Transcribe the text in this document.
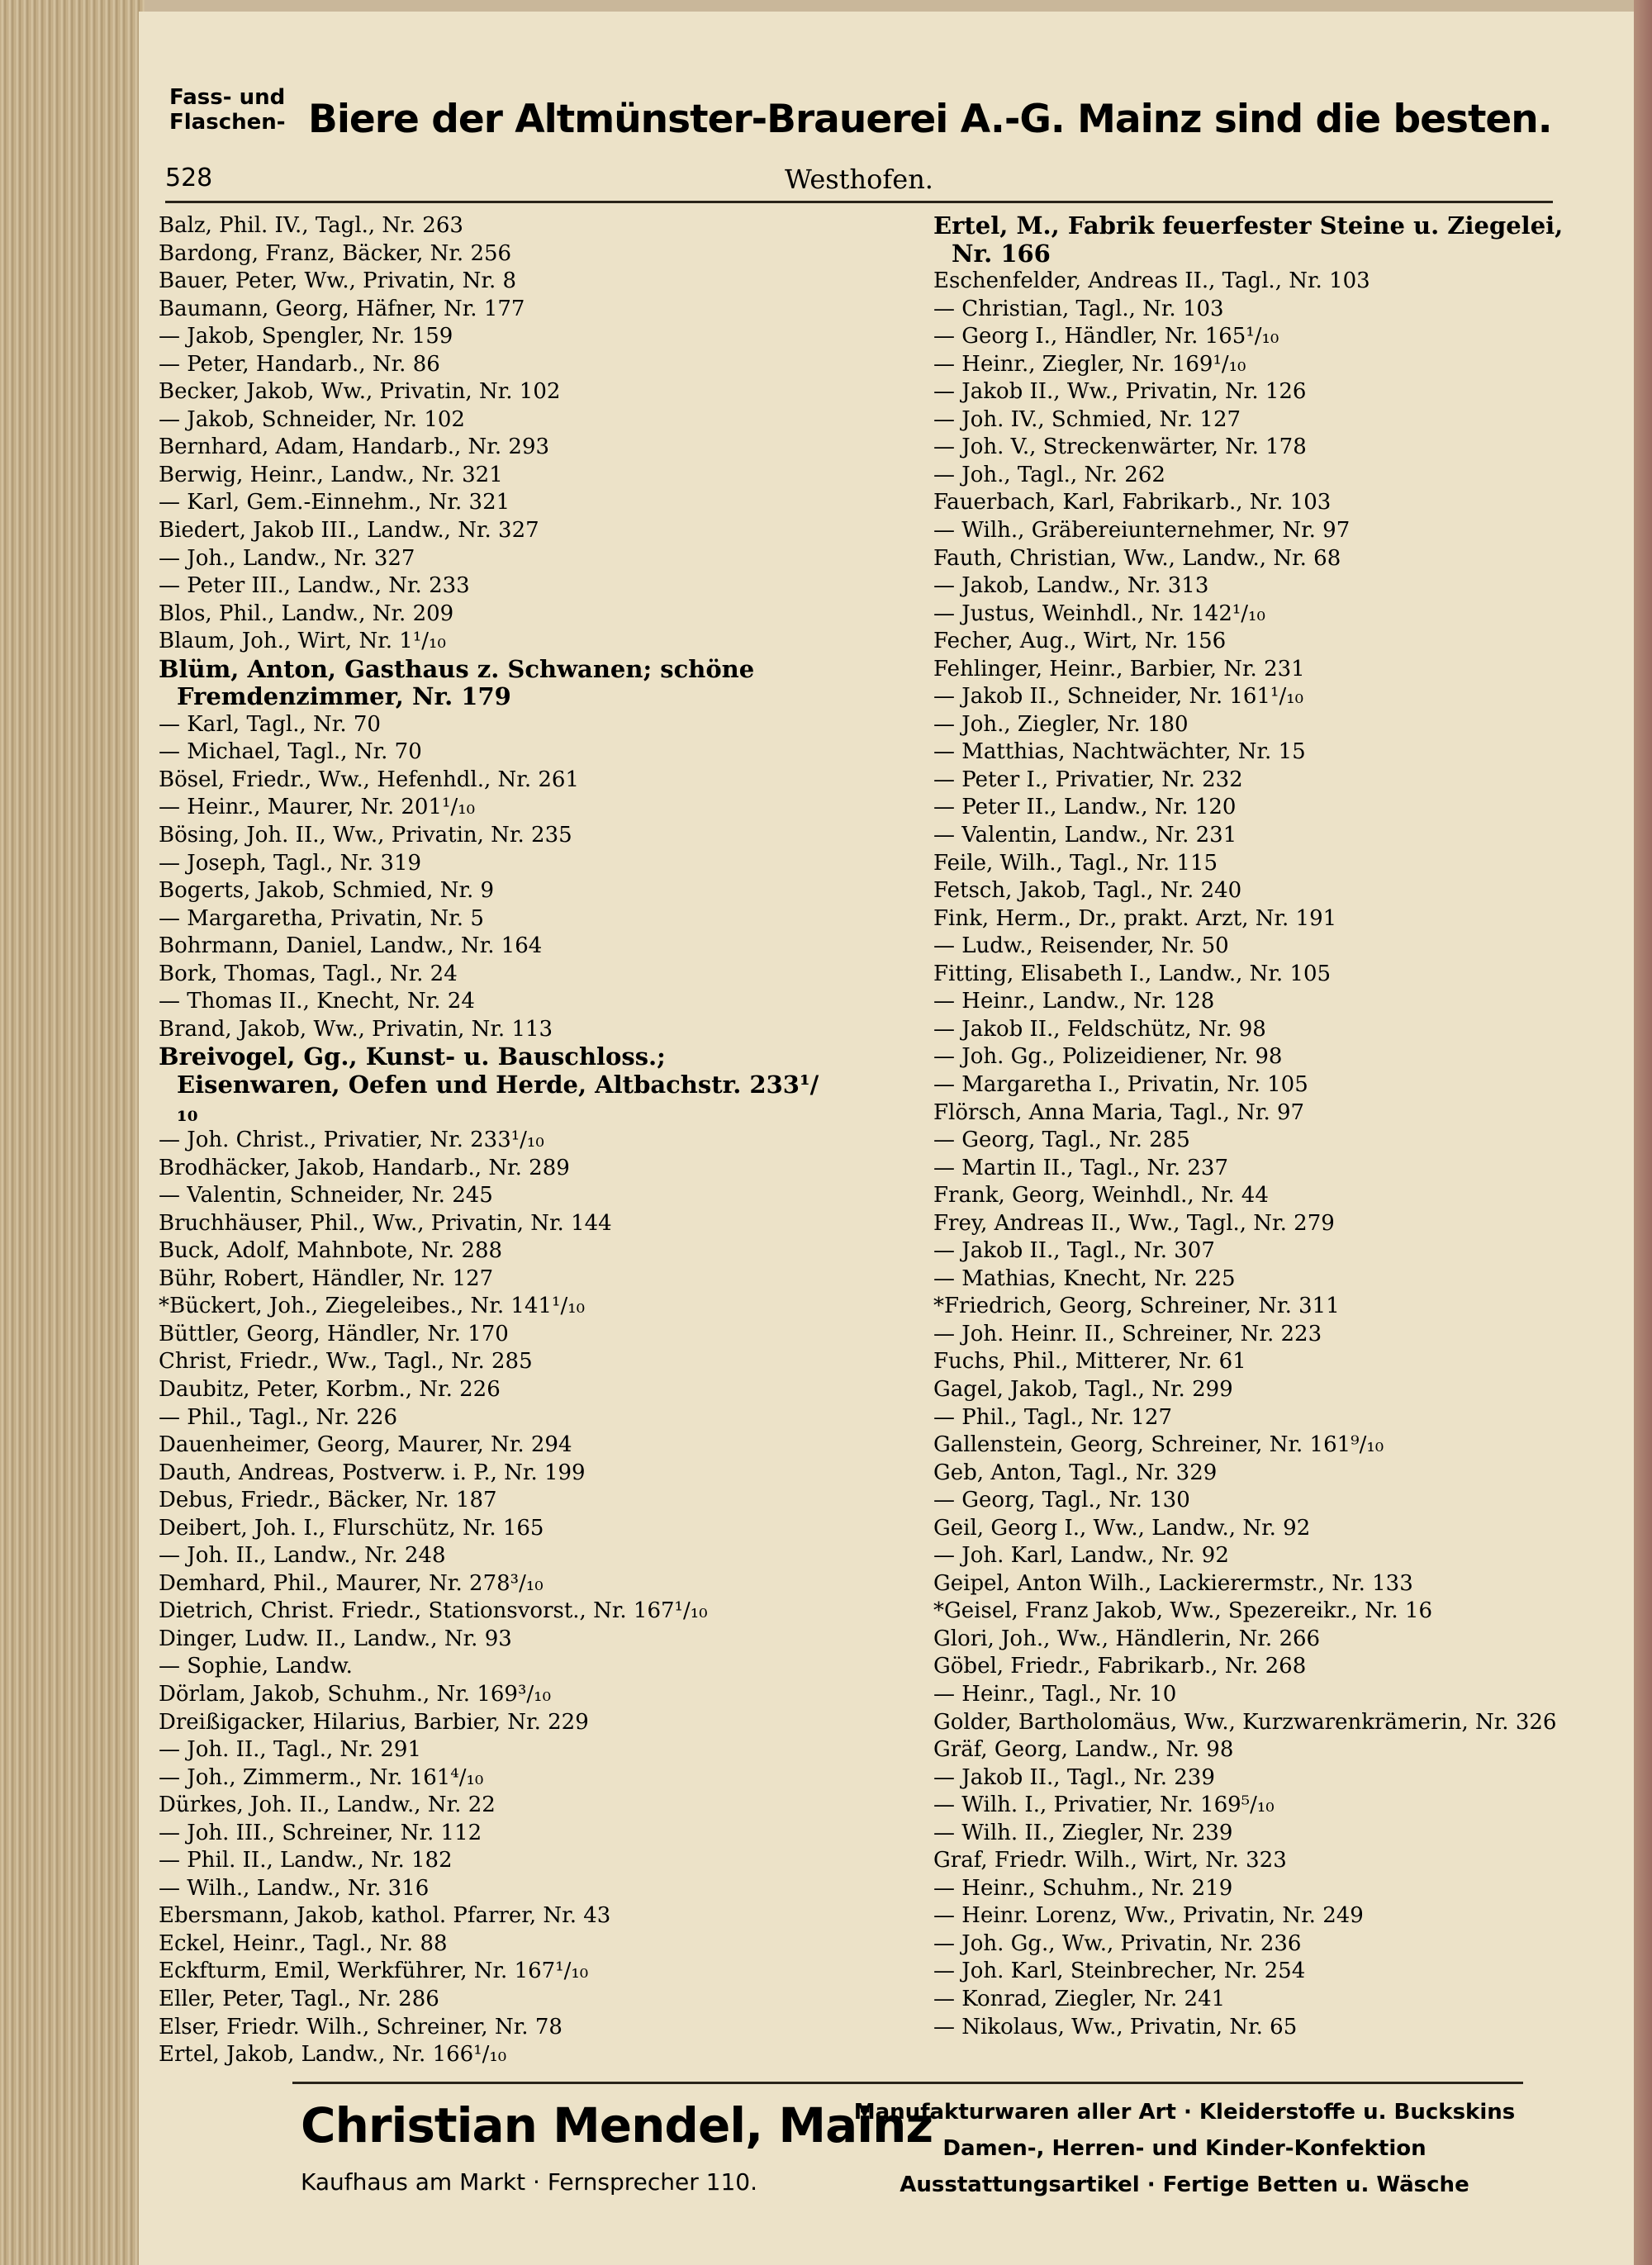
Fass- und Flaschen- Biere der Altmünster-Brauerei A.-G. Mainz sind die besten.
528	Westhofen.
Balz, Phil. IV., Tagl., Nr. 263
Bardong, Franz, Bäcker, Nr. 256
Bauer, Peter, Ww., Privatin, Nr. 8
Baumann, Georg, Häfner, Nr. 177
— Jakob, Spengler, Nr. 159
— Peter, Handarb., Nr. 86
Becker, Jakob, Ww., Privatin, Nr. 102
— Jakob, Schneider, Nr. 102
Bernhard, Adam, Handarb., Nr. 293
Berwig, Heinr., Landw., Nr. 321
— Karl, Gem.-Einnehm., Nr. 321
Biedert, Jakob III., Landw., Nr. 327
— Joh., Landw., Nr. 327
— Peter III., Landw., Nr. 233
Blos, Phil., Landw., Nr. 209
Blaum, Joh., Wirt, Nr. 1¹/₁₀
Blüm, Anton, Gasthaus z. Schwanen; schöne Fremdenzimmer, Nr. 179
— Karl, Tagl., Nr. 70
— Michael, Tagl., Nr. 70
Bösel, Friedr., Ww., Hefenhdl., Nr. 261
— Heinr., Maurer, Nr. 201¹/₁₀
Bösing, Joh. II., Ww., Privatin, Nr. 235
— Joseph, Tagl., Nr. 319
Bogerts, Jakob, Schmied, Nr. 9
— Margaretha, Privatin, Nr. 5
Bohrmann, Daniel, Landw., Nr. 164
Bork, Thomas, Tagl., Nr. 24
— Thomas II., Knecht, Nr. 24
Brand, Jakob, Ww., Privatin, Nr. 113
Breivogel, Gg., Kunst- u. Bauschloss.; Eisenwaren, Oefen und Herde, Altbachstr. 233¹/₁₀
— Joh. Christ., Privatier, Nr. 233¹/₁₀
Brodhäcker, Jakob, Handarb., Nr. 289
— Valentin, Schneider, Nr. 245
Bruchhäuser, Phil., Ww., Privatin, Nr. 144
Buck, Adolf, Mahnbote, Nr. 288
Bühr, Robert, Händler, Nr. 127
*Bückert, Joh., Ziegeleibes., Nr. 141¹/₁₀
Büttler, Georg, Händler, Nr. 170
Christ, Friedr., Ww., Tagl., Nr. 285
Daubitz, Peter, Korbm., Nr. 226
— Phil., Tagl., Nr. 226
Dauenheimer, Georg, Maurer, Nr. 294
Dauth, Andreas, Postverw. i. P., Nr. 199
Debus, Friedr., Bäcker, Nr. 187
Deibert, Joh. I., Flurschütz, Nr. 165
— Joh. II., Landw., Nr. 248
Demhard, Phil., Maurer, Nr. 278³/₁₀
Dietrich, Christ. Friedr., Stationsvorst., Nr. 167¹/₁₀
Dinger, Ludw. II., Landw., Nr. 93
— Sophie, Landw.
Dörlam, Jakob, Schuhm., Nr. 169³/₁₀
Dreißigacker, Hilarius, Barbier, Nr. 229
— Joh. II., Tagl., Nr. 291
— Joh., Zimmerm., Nr. 161⁴/₁₀
Dürkes, Joh. II., Landw., Nr. 22
— Joh. III., Schreiner, Nr. 112
— Phil. II., Landw., Nr. 182
— Wilh., Landw., Nr. 316
Ebersmann, Jakob, kathol. Pfarrer, Nr. 43
Eckel, Heinr., Tagl., Nr. 88
Eckfturm, Emil, Werkführer, Nr. 167¹/₁₀
Eller, Peter, Tagl., Nr. 286
Elser, Friedr. Wilh., Schreiner, Nr. 78
Ertel, Jakob, Landw., Nr. 166¹/₁₀
Ertel, M., Fabrik feuerfester Steine u. Ziegelei, Nr. 166
Eschenfelder, Andreas II., Tagl., Nr. 103
— Christian, Tagl., Nr. 103
— Georg I., Händler, Nr. 165¹/₁₀
— Heinr., Ziegler, Nr. 169¹/₁₀
— Jakob II., Ww., Privatin, Nr. 126
— Joh. IV., Schmied, Nr. 127
— Joh. V., Streckenwärter, Nr. 178
— Joh., Tagl., Nr. 262
Fauerbach, Karl, Fabrikarb., Nr. 103
— Wilh., Gräbereiunternehmer, Nr. 97
Fauth, Christian, Ww., Landw., Nr. 68
— Jakob, Landw., Nr. 313
— Justus, Weinhdl., Nr. 142¹/₁₀
Fecher, Aug., Wirt, Nr. 156
Fehlinger, Heinr., Barbier, Nr. 231
— Jakob II., Schneider, Nr. 161¹/₁₀
— Joh., Ziegler, Nr. 180
— Matthias, Nachtwächter, Nr. 15
— Peter I., Privatier, Nr. 232
— Peter II., Landw., Nr. 120
— Valentin, Landw., Nr. 231
Feile, Wilh., Tagl., Nr. 115
Fetsch, Jakob, Tagl., Nr. 240
Fink, Herm., Dr., prakt. Arzt, Nr. 191
— Ludw., Reisender, Nr. 50
Fitting, Elisabeth I., Landw., Nr. 105
— Heinr., Landw., Nr. 128
— Jakob II., Feldschütz, Nr. 98
— Joh. Gg., Polizeidiener, Nr. 98
— Margaretha I., Privatin, Nr. 105
Flörsch, Anna Maria, Tagl., Nr. 97
— Georg, Tagl., Nr. 285
— Martin II., Tagl., Nr. 237
Frank, Georg, Weinhdl., Nr. 44
Frey, Andreas II., Ww., Tagl., Nr. 279
— Jakob II., Tagl., Nr. 307
— Mathias, Knecht, Nr. 225
*Friedrich, Georg, Schreiner, Nr. 311
— Joh. Heinr. II., Schreiner, Nr. 223
Fuchs, Phil., Mitterer, Nr. 61
Gagel, Jakob, Tagl., Nr. 299
— Phil., Tagl., Nr. 127
Gallenstein, Georg, Schreiner, Nr. 161⁹/₁₀
Geb, Anton, Tagl., Nr. 329
— Georg, Tagl., Nr. 130
Geil, Georg I., Ww., Landw., Nr. 92
— Joh. Karl, Landw., Nr. 92
Geipel, Anton Wilh., Lackierermstr., Nr. 133
*Geisel, Franz Jakob, Ww., Spezereikr., Nr. 16
Glori, Joh., Ww., Händlerin, Nr. 266
Göbel, Friedr., Fabrikarb., Nr. 268
— Heinr., Tagl., Nr. 10
Golder, Bartholomäus, Ww., Kurzwarenkrämerin, Nr. 326
Gräf, Georg, Landw., Nr. 98
— Jakob II., Tagl., Nr. 239
— Wilh. I., Privatier, Nr. 169⁵/₁₀
— Wilh. II., Ziegler, Nr. 239
Graf, Friedr. Wilh., Wirt, Nr. 323
— Heinr., Schuhm., Nr. 219
— Heinr. Lorenz, Ww., Privatin, Nr. 249
— Joh. Gg., Ww., Privatin, Nr. 236
— Joh. Karl, Steinbrecher, Nr. 254
— Konrad, Ziegler, Nr. 241
— Nikolaus, Ww., Privatin, Nr. 65
Christian Mendel, Mainz
Kaufhaus am Markt · Fernsprecher 110.
Manufakturwaren aller Art · Kleiderstoffe u. Buckskins
Damen-, Herren- und Kinder-Konfektion
Ausstattungsartikel · Fertige Betten u. Wäsche
